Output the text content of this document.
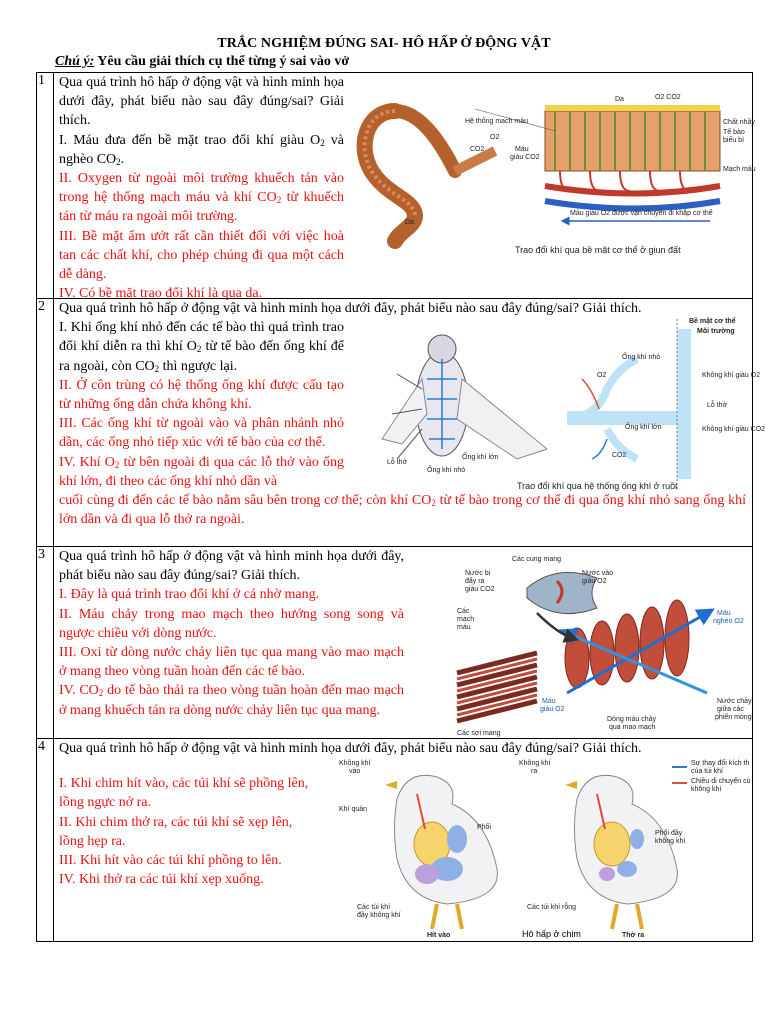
TRẮC NGHIỆM ĐÚNG SAI- HÔ HẤP Ở ĐỘNG VẬT
Chú ý: Yêu cầu giải thích cụ thể từng ý sai vào vở
1	Qua quá trình hô hấp ở động vật và hình minh họa dưới đây, phát biểu nào sau đây đúng/sai? Giải thích.
I. Máu đưa đến bề mặt trao đổi khí giàu $O_2$ và nghèo $CO_2$.
II. Oxygen từ ngoài môi trường khuếch tán vào trong hệ thống mạch máu và khí $CO_2$ từ khuếch tán từ máu ra ngoài môi trường.
III. Bề mặt ẩm ướt rất cần thiết đối với việc hoà tan các chất khí, cho phép chúng đi qua một cách dễ dàng.
IV. Có bề mặt trao đổi khí là qua da.
Da	O2 CO2
Chất nhầy
Tế bào
biểu bì
Mạch máu
Máu
giàu CO2
Hệ thống mạch máu
CO2
O2
Da
Máu giàu O2 được vận chuyển đi khắp cơ thể
Trao đổi khí qua bề mặt cơ thể ở giun đất
2	Qua quá trình hô hấp ở động vật và hình minh họa dưới đây, phát biểu nào sau đây đúng/sai? Giải thích.
I. Khi ống khí nhỏ đến các tế bào thì quá trình trao đổi khí diễn ra thì khí $O_2$ từ tế bào đến ống khí để ra ngoài, còn $CO_2$ thì ngược lại.
II. Ở côn trùng có hệ thống ống khí được cấu tạo từ những ống dẫn chứa không khí.
III. Các ống khí từ ngoài vào và phân nhánh nhỏ dần, các ống nhỏ tiếp xúc với tế bào của cơ thể.
IV. Khí $O_2$ từ bên ngoài đi qua các lỗ thở vào ống khí lớn, đi theo các ống khí nhỏ dần và
cuối cùng đi đến các tế bào nằm sâu bên trong cơ thể; còn khí $CO_2$ từ tế bào trong cơ thể đi qua ống khí nhỏ sang ống khí lớn dần và đi qua lỗ thở ra ngoài.
Bề mặt cơ thể
Môi trường
Không khí giàu O2
Lỗ thở
Không khí giàu CO2
O2
Ống khí nhỏ
Ống khí lớn
CO2
Lỗ thở
Ống khí lớn
Ống khí nhỏ
Trao đổi khí qua hệ thống ống khí ở ruồi
3	Qua quá trình hô hấp ở động vật và hình minh họa dưới đây, phát biểu nào sau đây đúng/sai? Giải thích.
I. Đây là quá trình trao đổi khí ở cá nhờ mang.
II. Máu chảy trong mao mạch theo hướng song song và ngược chiều với dòng nước.
III. Oxi từ dòng nước chảy liên tục qua mang vào mao mạch ở mang theo vòng tuần hoàn đến các tế bào.
IV. $CO_2$ do tế bào thải ra theo vòng tuần hoàn đến mao mạch ở mang khuếch tán ra dòng nước chảy liên tục qua mang.
Các cung mang
Nước bị
đẩy ra
giàu CO2
Nước vào
giàu O2
Các
mạch
máu
Máu
nghèo O2
Máu
giàu O2
Nước chảy
giữa các
phiến mỏng
Dòng máu chảy
qua mao mạch
Các sợi mang
4	Qua quá trình hô hấp ở động vật và hình minh họa dưới đây, phát biểu nào sau đây đúng/sai? Giải thích.
I. Khi chim hít vào, các túi khí sẽ phồng lên, lồng ngực nở ra.
II. Khi chim thở ra, các túi khí sẽ xẹp lên, lồng hẹp ra.
III. Khi hít vào các túi khí phồng to lên.
IV. Khi thở ra các túi khí xẹp xuống.
Sự thay đổi kích th
của túi khí
Chiều di chuyển cù
không khí
Không khí
vào
Khí quản
Phổi
Các túi khí
đầy không khí
Hít vào
Không khí
ra
Phổi đầy
không khí
Các túi khí rỗng
Thở ra
Hô hấp ở chim
